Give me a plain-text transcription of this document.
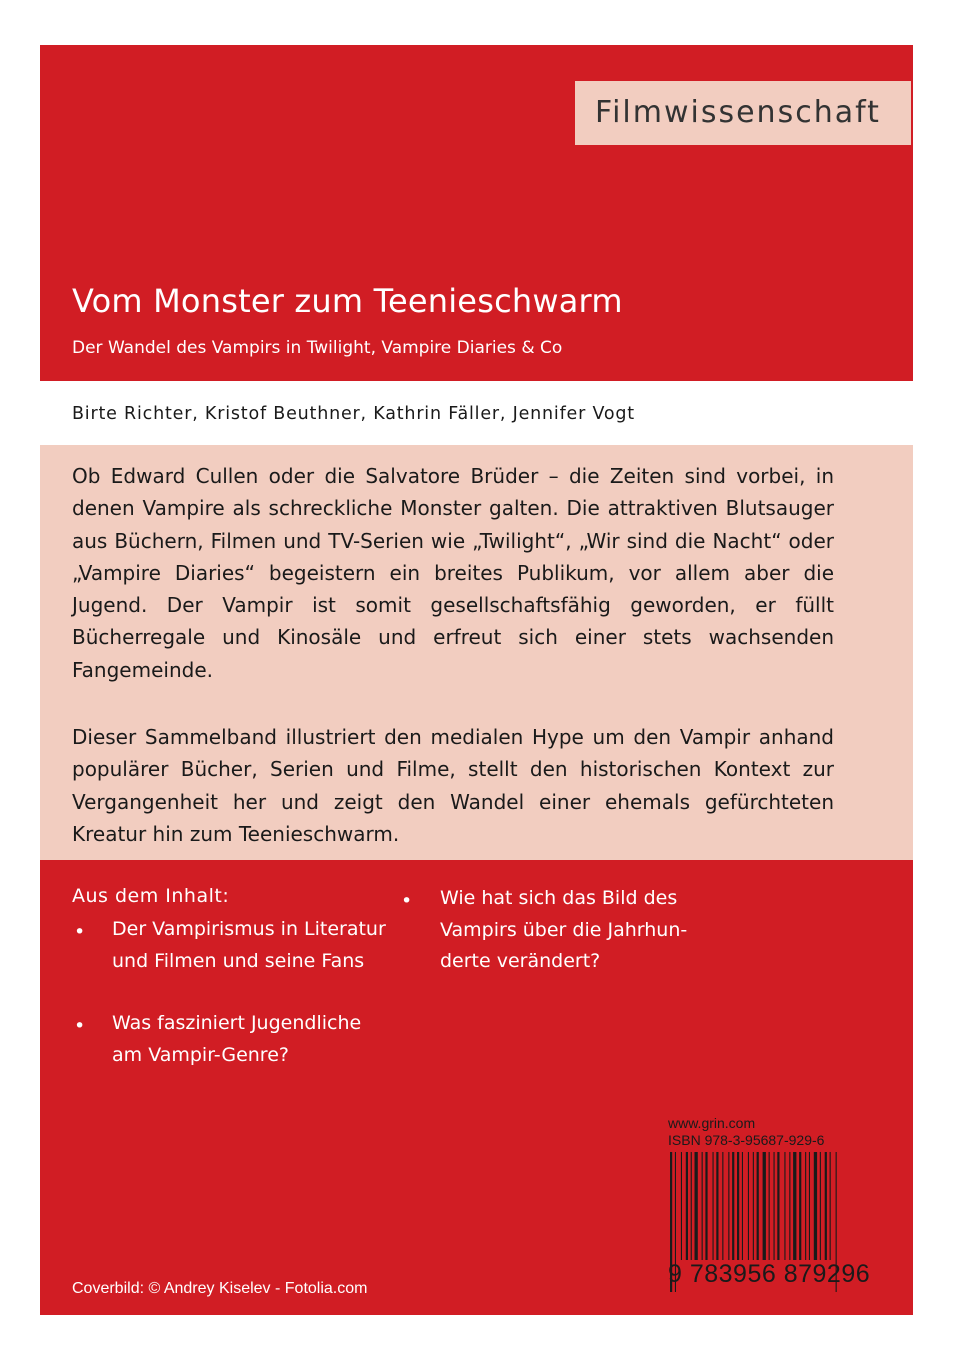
Filmwissenschaft
Vom Monster zum Teenieschwarm
Der Wandel des Vampirs in Twilight, Vampire Diaries & Co
Birte Richter, Kristof Beuthner, Kathrin Fäller, Jennifer Vogt

Ob Edward Cullen oder die Salvatore Brüder – die Zeiten sind vorbei, in denen Vampire als schreckliche Monster galten. Die attraktiven Blutsauger aus Büchern, Filmen und TV-Serien wie „Twilight“, „Wir sind die Nacht“ oder „Vampire Diaries“ begeistern ein breites Publikum, vor allem aber die Jugend. Der Vampir ist somit gesellschaftsfähig geworden, er füllt Bücherregale und Kinosäle und erfreut sich einer stets wachsenden Fangemeinde.

Dieser Sammelband illustriert den medialen Hype um den Vampir anhand populärer Bücher, Serien und Filme, stellt den historischen Kontext zur Vergangenheit her und zeigt den Wandel einer ehemals gefürchteten Kreatur hin zum Teenieschwarm.

Aus dem Inhalt:
• Der Vampirismus in Literatur und Filmen und seine Fans

• Was fasziniert Jugendliche am Vampir-Genre?

• Wie hat sich das Bild des Vampirs über die Jahrhunderte verändert?

www.grin.com
ISBN 978-3-95687-929-6
9 783956 879296
Coverbild: © Andrey Kiselev - Fotolia.com
